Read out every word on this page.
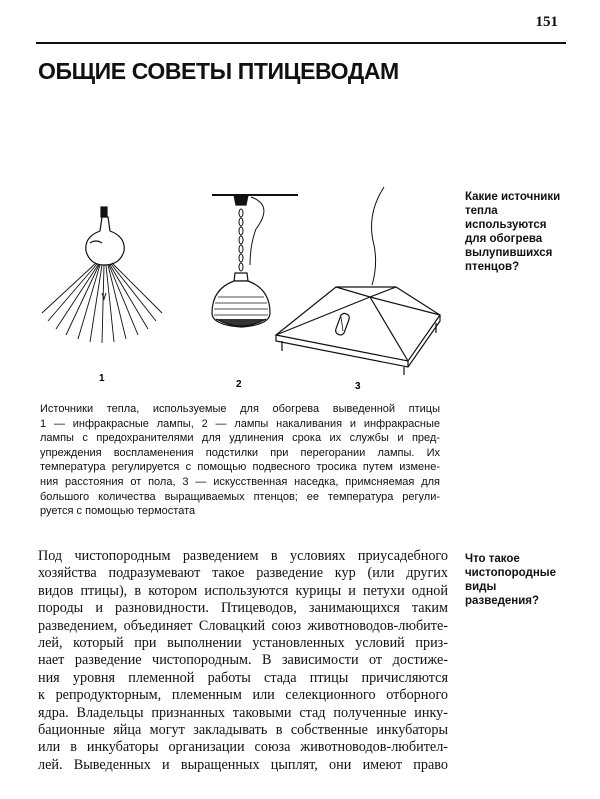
151
ОБЩИЕ СОВЕТЫ ПТИЦЕВОДАМ
1
2	3

Какие источники тепла используются для обогрева вылупившихся птенцов?

Источники тепла, используемые для обогрева выведенной птицы
1 — инфракрасные лампы, 2 — лампы накаливания и инфракрасные
лампы с предохранителями для удлинения срока их службы и пред-
упреждения воспламенения подстилки при перегорании лампы. Их
температура регулируется с помощью подвесного тросика путем измене-
ния расстояния от пола, 3 — искусственная наседка, примсняемая для
большого количества выращиваемых птенцов; ее температура регули-
руется с помощью термостата
Под чистопородным разведением в условиях приусадебного
хозяйства подразумевают такое разведение кур (или других
видов птицы), в котором используются курицы и петухи одной
породы и разновидности. Птицеводов, занимающихся таким
разведением, объединяет Словацкий союз животноводов-любите-
лей, который при выполнении установленных условий приз-
нает разведение чистопородным. В зависимости от достиже-
ния уровня племенной работы стада птицы причисляются
к репродукторным, племенным или селекционного отборного
ядра. Владельцы признанных таковыми стад полученные инку-
бационные яйца могут закладывать в собственные инкубаторы
или в инкубаторы организации союза животноводов-любител-
лей. Выведенных и выращенных цыплят, они имеют право

Что такое чистопородные виды разведения?
